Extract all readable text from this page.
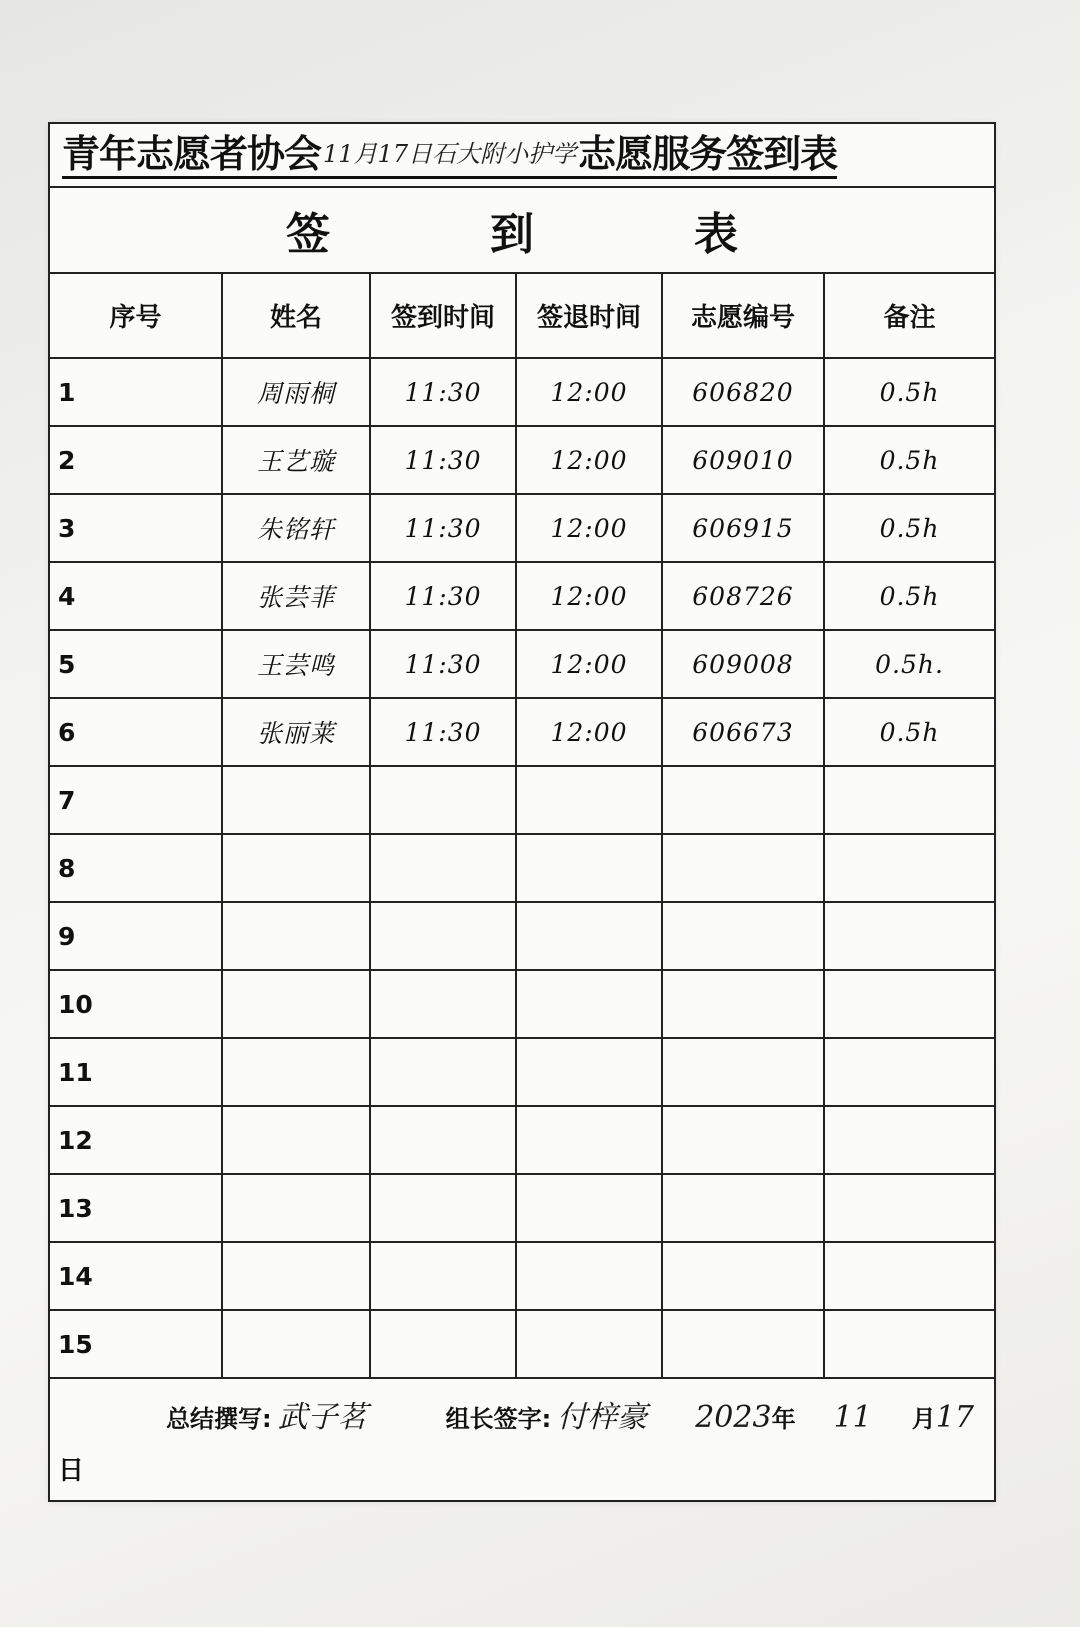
青年志愿者协会 11月17日石大附小护学 志愿服务签到表
签到表
序号	姓名	签到时间	签退时间	志愿编号	备注
1	周雨桐	11:30	12:00	606820	0.5h
2	王艺璇	11:30	12:00	609010	0.5h
3	朱铭轩	11:30	12:00	606915	0.5h
4	张芸菲	11:30	12:00	608726	0.5h
5	王芸鸣	11:30	12:00	609008	0.5h.
6	张丽莱	11:30	12:00	606673	0.5h
7					
8					
9					
10					
11					
12					
13					
14					
15					
总结撰写: 武子茗	组长签字: 付梓豪 2023 年 11 月 17
日
